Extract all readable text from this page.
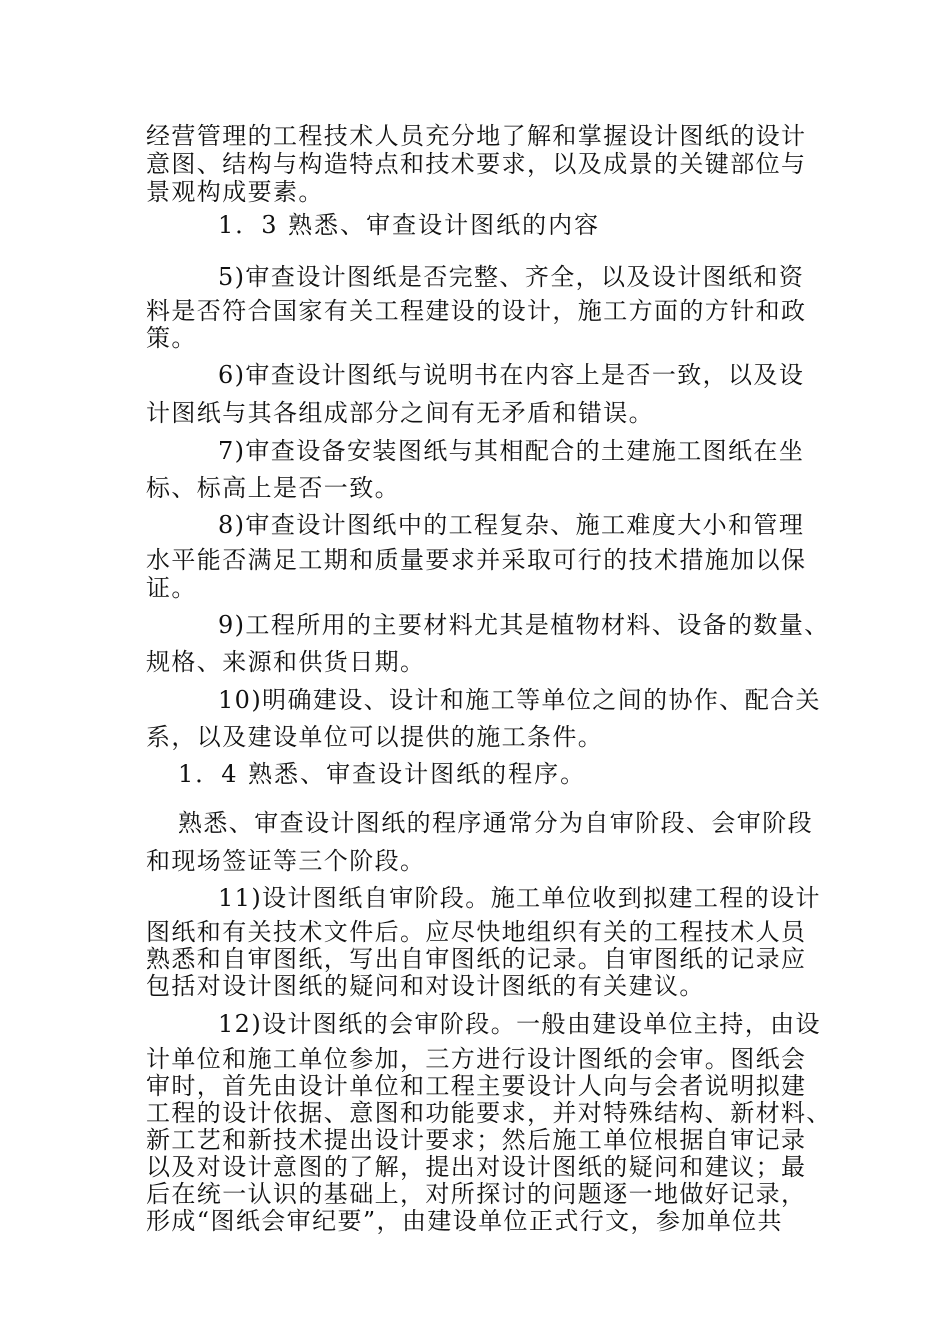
经营管理的工程技术人员充分地了解和掌握设计图纸的设计
意图、结构与构造特点和技术要求，以及成景的关键部位与
景观构成要素。
1．3 熟悉、审查设计图纸的内容
5)审查设计图纸是否完整、齐全，以及设计图纸和资
料是否符合国家有关工程建设的设计，施工方面的方针和政
策。
6)审查设计图纸与说明书在内容上是否一致，以及设
计图纸与其各组成部分之间有无矛盾和错误。
7)审查设备安装图纸与其相配合的土建施工图纸在坐
标、标高上是否一致。
8)审查设计图纸中的工程复杂、施工难度大小和管理
水平能否满足工期和质量要求并采取可行的技术措施加以保
证。
9)工程所用的主要材料尤其是植物材料、设备的数量、
规格、来源和供货日期。
10)明确建设、设计和施工等单位之间的协作、配合关
系，以及建设单位可以提供的施工条件。
1．4 熟悉、审查设计图纸的程序。
熟悉、审查设计图纸的程序通常分为自审阶段、会审阶段
和现场签证等三个阶段。
11)设计图纸自审阶段。施工单位收到拟建工程的设计
图纸和有关技术文件后。应尽快地组织有关的工程技术人员
熟悉和自审图纸，写出自审图纸的记录。自审图纸的记录应
包括对设计图纸的疑问和对设计图纸的有关建议。
12)设计图纸的会审阶段。一般由建设单位主持，由设
计单位和施工单位参加，三方进行设计图纸的会审。图纸会
审时，首先由设计单位和工程主要设计人向与会者说明拟建
工程的设计依据、意图和功能要求，并对特殊结构、新材料、
新工艺和新技术提出设计要求；然后施工单位根据自审记录
以及对设计意图的了解，提出对设计图纸的疑问和建议；最
后在统一认识的基础上，对所探讨的问题逐一地做好记录，
形成“图纸会审纪要”，由建设单位正式行文，参加单位共
